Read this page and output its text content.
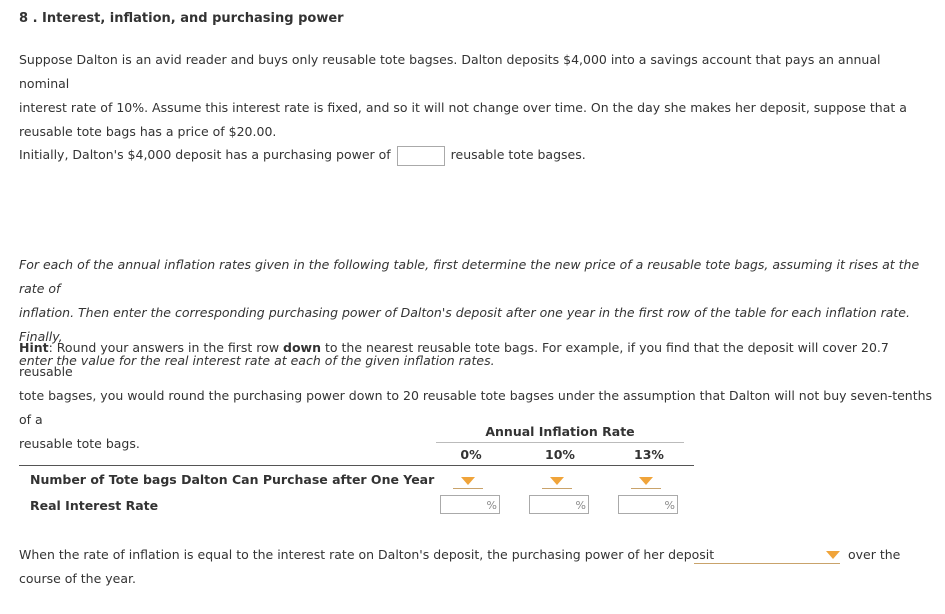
8 . Interest, inflation, and purchasing power
Suppose Dalton is an avid reader and buys only reusable tote bagses. Dalton deposits $4,000 into a savings account that pays an annual nominal
interest rate of 10%. Assume this interest rate is fixed, and so it will not change over time. On the day she makes her deposit, suppose that a
reusable tote bags has a price of $20.00.
Initially, Dalton's $4,000 deposit has a purchasing power of	reusable tote bagses.
For each of the annual inflation rates given in the following table, first determine the new price of a reusable tote bags, assuming it rises at the rate of
inflation. Then enter the corresponding purchasing power of Dalton's deposit after one year in the first row of the table for each inflation rate. Finally,
enter the value for the real interest rate at each of the given inflation rates.
Hint: Round your answers in the first row down to the nearest reusable tote bags. For example, if you find that the deposit will cover 20.7 reusable
tote bagses, you would round the purchasing power down to 20 reusable tote bagses under the assumption that Dalton will not buy seven-tenths of a
reusable tote bags.
Annual Inflation Rate
0%	10%	13%
Number of Tote bags Dalton Can Purchase after One Year
Real Interest Rate	%	%	%
When the rate of inflation is equal to the interest rate on Dalton's deposit, the purchasing power of her deposit	over the
course of the year.
